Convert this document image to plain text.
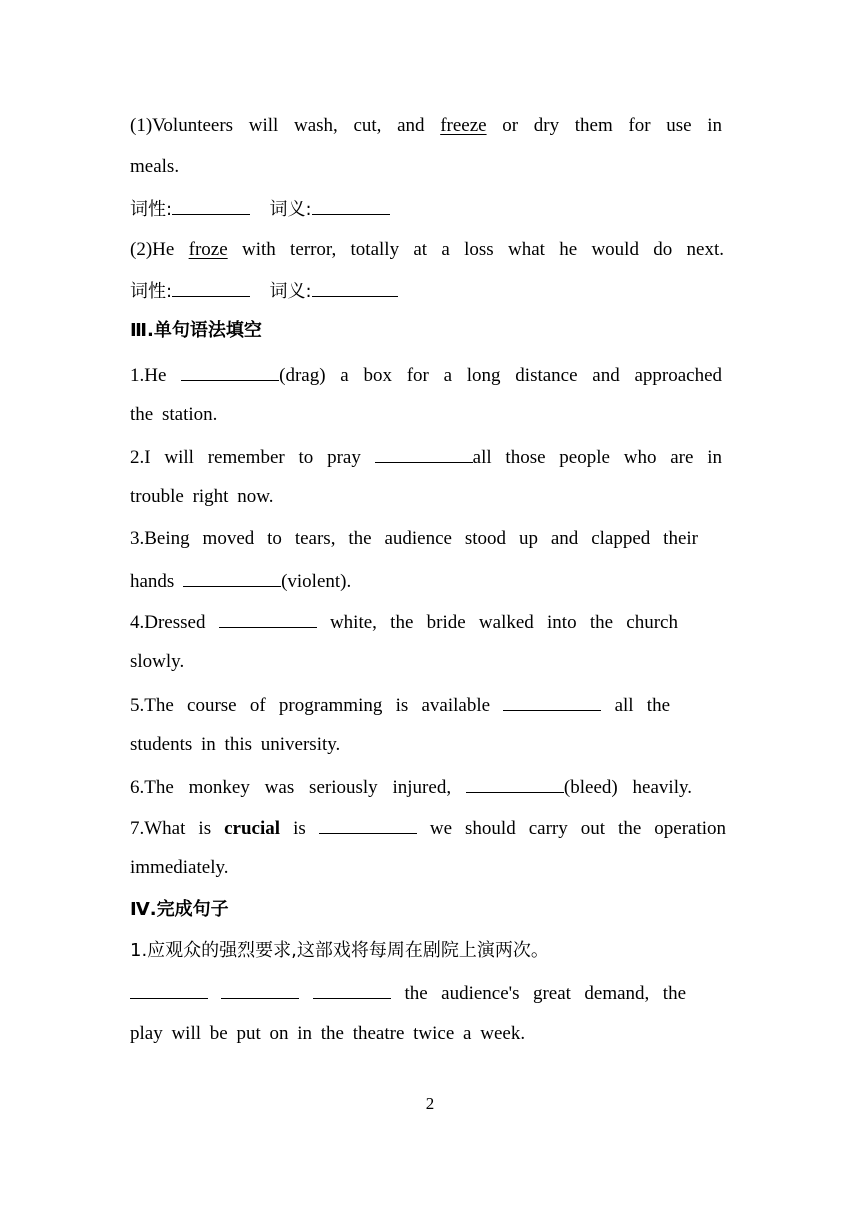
(1)Volunteers will wash, cut, and freeze or dry them for use in
meals.
词性:	词义:
(2)He froze with terror, totally at a loss what he would do next.
词性:	词义:
Ⅲ.单句语法填空
1.He	(drag) a box for a long distance and approached
the station.
2.I will remember to pray	all those people who are in
trouble right now.
3.Being moved to tears, the audience stood up and clapped their
hands	(violent).
4.Dressed	white, the bride walked into the church
slowly.
5.The course of programming is available	all the
students in this university.
6.The monkey was seriously injured,	(bleed) heavily.
7.What is crucial is	we should carry out the operation
immediately.
Ⅳ.完成句子
1.应观众的强烈要求,这部戏将每周在剧院上演两次。
the audience's great demand, the
play will be put on in the theatre twice a week.
2
